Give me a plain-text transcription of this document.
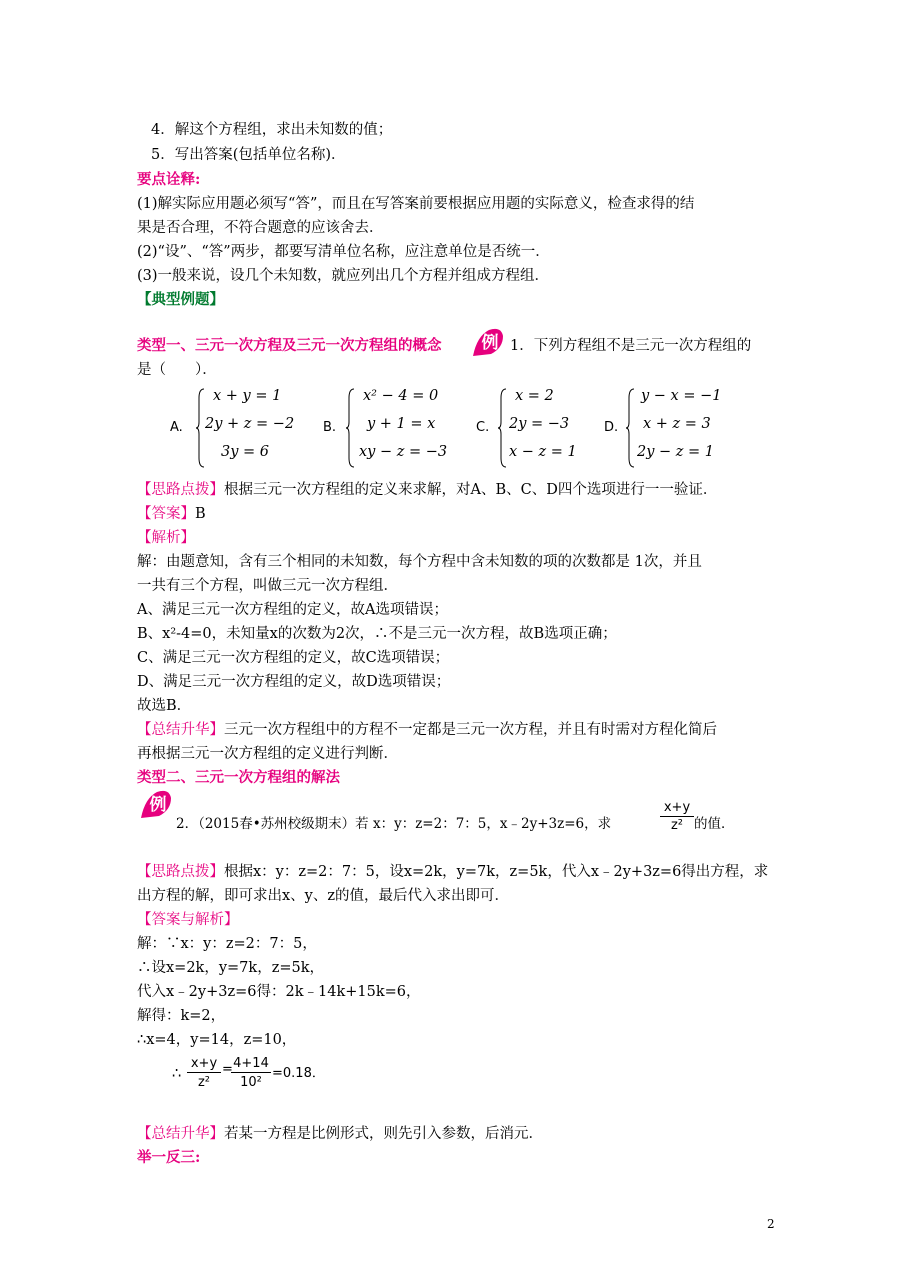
4．解这个方程组，求出未知数的值；
5．写出答案(包括单位名称)．
要点诠释:
(1)解实际应用题必须写“答”，而且在写答案前要根据应用题的实际意义，检查求得的结
果是否合理，不符合题意的应该舍去．
(2)“设”、“答”两步，都要写清单位名称，应注意单位是否统一．
(3)一般来说，设几个未知数，就应列出几个方程并组成方程组．
【典型例题】
类型一、三元一次方程及三元一次方程组的概念 例 1．下列方程组不是三元一次方程组的
是（　　）．
A.
x + y = 1
2y + z = −2
3y = 6
B.
x² − 4 = 0
y + 1 = x
xy − z = −3
C.
x = 2
2y = −3
x − z = 1
D.
y − x = −1
x + z = 3
2y − z = 1
【思路点拨】根据三元一次方程组的定义来求解，对A、B、C、D四个选项进行一一验证．
【答案】B
【解析】
解：由题意知，含有三个相同的未知数，每个方程中含未知数的项的次数都是 1次，并且
一共有三个方程，叫做三元一次方程组．
A、满足三元一次方程组的定义，故A选项错误；
B、x²-4=0，未知量x的次数为2次，∴不是三元一次方程，故B选项正确；
C、满足三元一次方程组的定义，故C选项错误；
D、满足三元一次方程组的定义，故D选项错误；
故选B．
【总结升华】三元一次方程组中的方程不一定都是三元一次方程，并且有时需对方程化简后
再根据三元一次方程组的定义进行判断．
类型二、三元一次方程组的解法
例
2．（2015春•苏州校级期末）若 x：y：z=2：7：5，x﹣2y+3z=6，求	$\frac{x+y}{\text{z²}}$ 的值．
【思路点拨】根据x：y：z=2：7：5，设x=2k，y=7k，z=5k，代入x﹣2y+3z=6得出方程，求
出方程的解，即可求出x、y、z的值，最后代入求出即可．
【答案与解析】
解：∵x：y：z=2：7：5，
∴设x=2k，y=7k，z=5k，
代入x﹣2y+3z=6得：2k﹣14k+15k=6，
解得：k=2，
∴x=4，y=14，z=10，
∴ $\frac{x+y}{\text{z²}}$ =
$\frac{4+14}{\text{10²}} =0.18$．
【总结升华】若某一方程是比例形式，则先引入参数，后消元．
举一反三:
2
